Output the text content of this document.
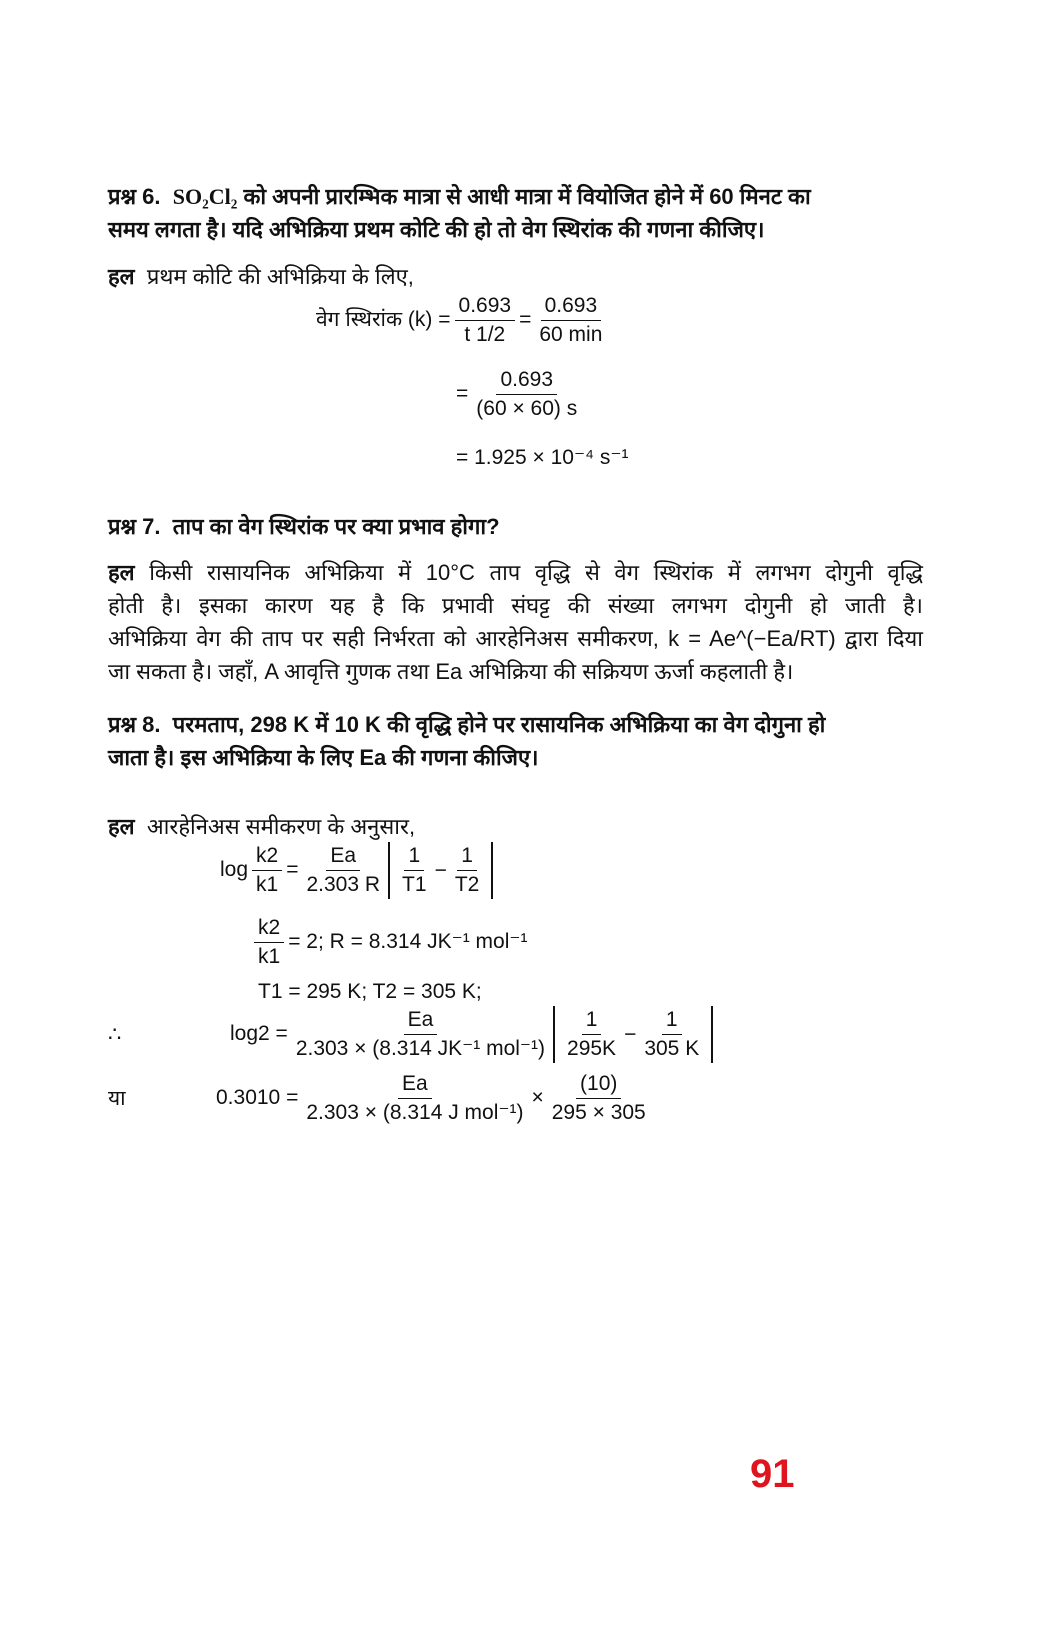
प्रश्न 6. SO₂Cl₂ को अपनी प्रारम्भिक मात्रा से आधी मात्रा में वियोजित होने में 60 मिनट का
समय लगता है। यदि अभिक्रिया प्रथम कोटि की हो तो वेग स्थिरांक की गणना कीजिए।
हल प्रथम कोटि की अभिक्रिया के लिए,
वेग स्थिरांक $(k) = \frac{0.693}{t 1/2} = \frac{0.693}{60 \min}$
= $\frac{0.693}{(60 \times 60) s}$
= 1.925 × 10⁻⁴ s⁻¹
प्रश्न 7. ताप का वेग स्थिरांक पर क्या प्रभाव होगा?
हल किसी रासायनिक अभिक्रिया में 10°C ताप वृद्धि से वेग स्थिरांक में लगभग दोगुनी वृद्धि
होती है। इसका कारण यह है कि प्रभावी संघट्ट की संख्या लगभग दोगुनी हो जाती है।
अभिक्रिया वेग की ताप पर सही निर्भरता को आरहेनिअस समीकरण, k = Ae^(−Ea/RT) द्वारा दिया
जा सकता है। जहाँ, A आवृत्ति गुणक तथा Ea अभिक्रिया की सक्रियण ऊर्जा कहलाती है।
प्रश्न 8. परमताप, 298 K में 10 K की वृद्धि होने पर रासायनिक अभिक्रिया का वेग दोगुना हो
जाता है। इस अभिक्रिया के लिए Ea की गणना कीजिए।
हल आरहेनिअस समीकरण के अनुसार,
$\log \frac{k2}{k1} = \frac{Ea}{2.303 R} \frac{1}{T1} - \frac{1}{T2}$
$\frac{k2}{k1} = 2$; R = 8.314 JK⁻¹ mol⁻¹
T1 = 295 K; T2 = 305 K;
∴	$\log 2 = \frac{Ea}{\text{2.303 × (8.314 JK⁻¹ mol⁻¹)}} \frac{1}{295K} - \frac{1}{305 K}$
या	$0.3010 = \frac{Ea}{\text{2.303 × (8.314 J mol⁻¹)}} \times \frac{(10)}{295 \times 305}$
91
